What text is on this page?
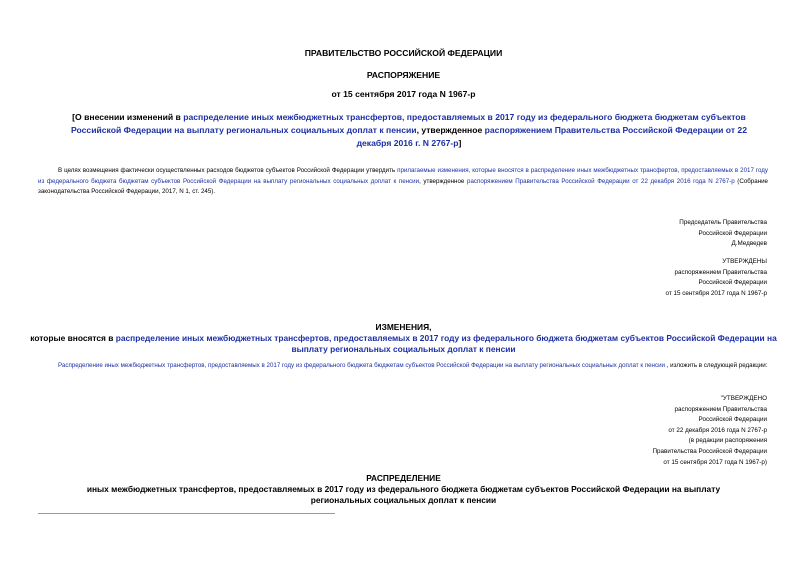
ПРАВИТЕЛЬСТВО РОССИЙСКОЙ ФЕДЕРАЦИИ
РАСПОРЯЖЕНИЕ
от 15 сентября 2017 года N 1967-р
[О внесении изменений в распределение иных межбюджетных трансфертов, предоставляемых в 2017 году из федерального бюджета бюджетам субъектов Российской Федерации на выплату региональных социальных доплат к пенсии, утвержденное распоряжением Правительства Российской Федерации от 22 декабря 2016 г. N 2767-р]
В целях возмещения фактически осуществленных расходов бюджетов субъектов Российской Федерации утвердить прилагаемые изменения, которые вносятся в распределение иных межбюджетных трансфертов, предоставляемых в 2017 году из федерального бюджета бюджетам субъектов Российской Федерации на выплату региональных социальных доплат к пенсии, утвержденное распоряжением Правительства Российской Федерации от 22 декабря 2016 года N 2767-р (Собрание законодательства Российской Федерации, 2017, N 1, ст. 245).
Председатель Правительства
Российской Федерации
Д.Медведев
УТВЕРЖДЕНЫ
распоряжением Правительства
Российской Федерации
от 15 сентября 2017 года N 1967-р
ИЗМЕНЕНИЯ,
которые вносятся в распределение иных межбюджетных трансфертов, предоставляемых в 2017 году из федерального бюджета бюджетам субъектов Российской Федерации на выплату региональных социальных доплат к пенсии
Распределение иных межбюджетных трансфертов, предоставляемых в 2017 году из федерального бюджета бюджетам субъектов Российской Федерации на выплату региональных социальных доплат к пенсии , изложить в следующей редакции:
"УТВЕРЖДЕНО
распоряжением Правительства
Российской Федерации
от 22 декабря 2016 года N 2767-р
(в редакции распоряжения
Правительства Российской Федерации
от 15 сентября 2017 года N 1967-р)
РАСПРЕДЕЛЕНИЕ
иных межбюджетных трансфертов, предоставляемых в 2017 году из федерального бюджета бюджетам субъектов Российской Федерации на выплату региональных социальных доплат к пенсии
